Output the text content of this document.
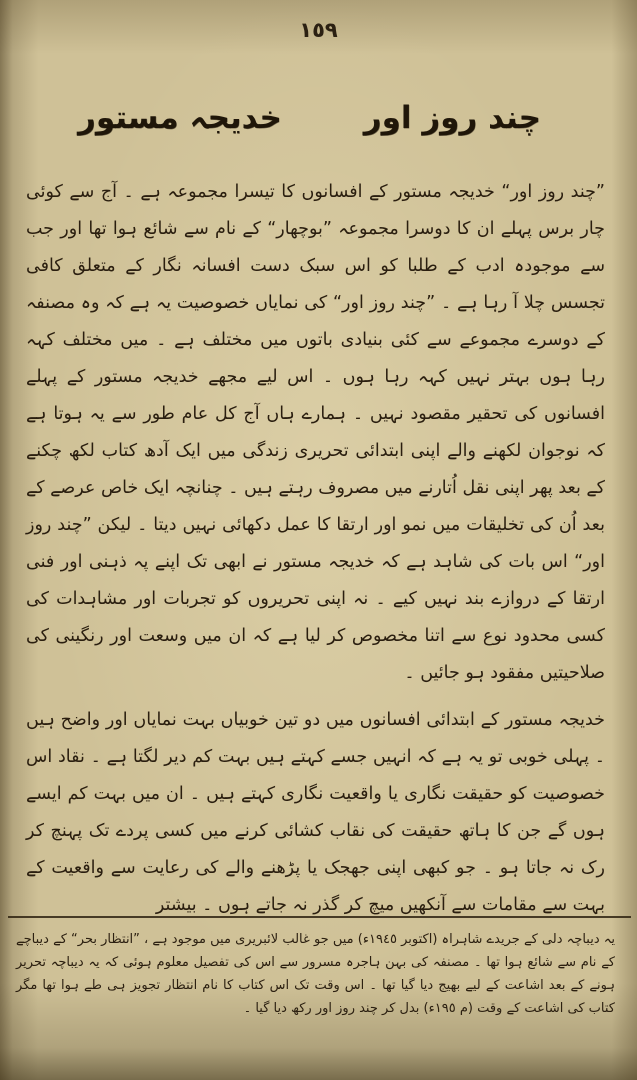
١٥٩
چند روز اور
خدیجہ مستور

”چند روز اور“ خدیجہ مستور کے افسانوں کا تیسرا مجموعہ ہے ۔ آج سے کوئی چار برس پہلے ان کا دوسرا مجموعہ ”بوچھار“ کے نام سے شائع ہوا تھا اور جب سے موجودہ ادب کے طلبا کو اس سبک دست افسانہ نگار کے متعلق کافی تجسس چلا آ رہا ہے ۔ ”چند روز اور“ کی نمایاں خصوصیت یہ ہے کہ وہ مصنفہ کے دوسرے مجموعے سے کئی بنیادی باتوں میں مختلف ہے ۔ میں مختلف کہہ رہا ہوں بہتر نہیں کہہ رہا ہوں ۔ اس لیے مجھے خدیجہ مستور کے پہلے افسانوں کی تحقیر مقصود نہیں ۔ ہمارے ہاں آج کل عام طور سے یہ ہوتا ہے کہ نوجوان لکھنے والے اپنی ابتدائی تحریری زندگی میں ایک آدھ کتاب لکھ چکنے کے بعد پھر اپنی نقل اُتارنے میں مصروف رہتے ہیں ۔ چنانچہ ایک خاص عرصے کے بعد اُن کی تخلیقات میں نمو اور ارتقا کا عمل دکھائی نہیں دیتا ۔ لیکن ”چند روز اور“ اس بات کی شاہد ہے کہ خدیجہ مستور نے ابھی تک اپنے پہ ذہنی اور فنی ارتقا کے دروازے بند نہیں کیے ۔ نہ اپنی تحریروں کو تجربات اور مشاہدات کی کسی محدود نوع سے اتنا مخصوص کر لیا ہے کہ ان میں وسعت اور رنگینی کی صلاحیتیں مفقود ہو جائیں ۔

خدیجہ مستور کے ابتدائی افسانوں میں دو تین خوبیاں بہت نمایاں اور واضح ہیں ۔ پہلی خوبی تو یہ ہے کہ انہیں جسے کہتے ہیں بہت کم دیر لگتا ہے ۔ نقاد اس خصوصیت کو حقیقت نگاری یا واقعیت نگاری کہتے ہیں ۔ ان میں بہت کم ایسے ہوں گے جن کا ہاتھ حقیقت کی نقاب کشائی کرنے میں کسی پردے تک پہنچ کر رک نہ جاتا ہو ۔ جو کبھی اپنی جھجک یا پڑھنے والے کی رعایت سے واقعیت کے بہت سے مقامات سے آنکھیں میچ کر گذر نہ جاتے ہوں ۔ بیشتر

یہ دیباچہ دلی کے جریدے شاہراہ (اکتوبر ١٩٤٥ء) میں جو غالب لائبریری میں موجود ہے ، ”انتظار بحر“ کے دیباچے کے نام سے شائع ہوا تھا ۔ مصنفہ کی بہن ہاجرہ مسرور سے اس کی تفصیل معلوم ہوئی کہ یہ دیباچہ تحریر ہونے کے بعد اشاعت کے لیے بھیج دیا گیا تھا ۔ اس وقت تک اس کتاب کا نام انتظار تجویز ہی طے ہوا تھا مگر کتاب کی اشاعت کے وقت (م ١٩٥ء) بدل کر چند روز اور رکھ دیا گیا ۔
